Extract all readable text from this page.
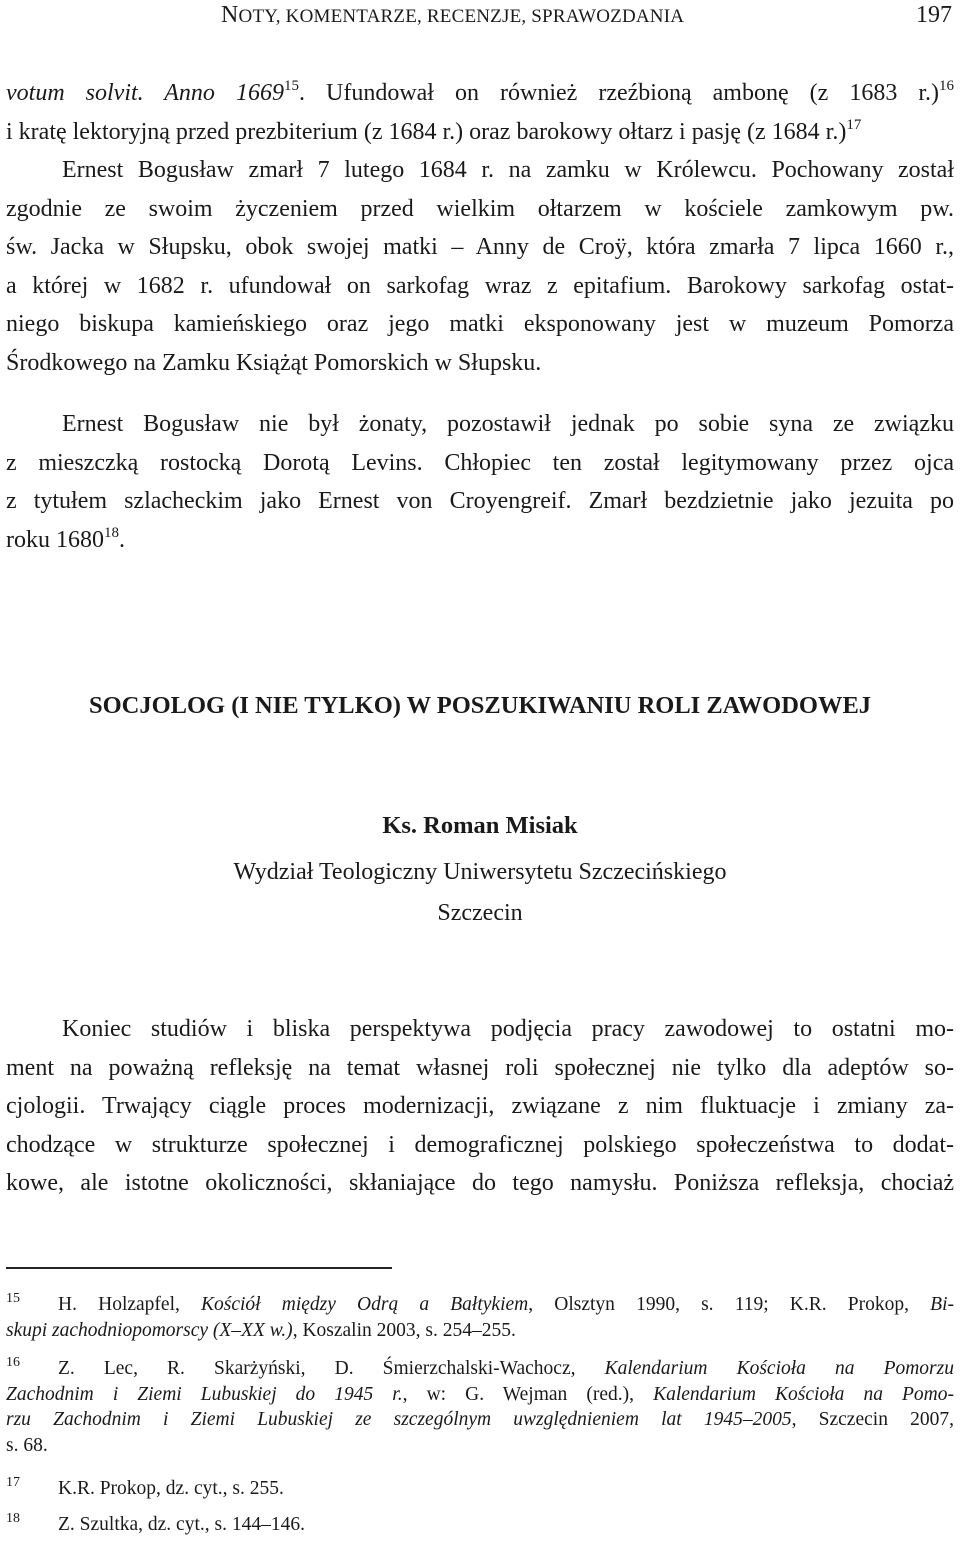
NOTY, KOMENTARZE, RECENZJE, SPRAWOZDANIA	197
votum solvit. Anno 1669$^{15}$. Ufundował on również rzeźbioną ambonę (z 1683 r.)$^{16}$
i kratę lektoryjną przed prezbiterium (z 1684 r.) oraz barokowy ołtarz i pasję (z 1684 r.)$^{17}$
Ernest Bogusław zmarł 7 lutego 1684 r. na zamku w Królewcu. Pochowany został
zgodnie ze swoim życzeniem przed wielkim ołtarzem w kościele zamkowym pw.
św. Jacka w Słupsku, obok swojej matki – Anny de Croÿ, która zmarła 7 lipca 1660 r.,
a której w 1682 r. ufundował on sarkofag wraz z epitafium. Barokowy sarkofag ostat-
niego biskupa kamieńskiego oraz jego matki eksponowany jest w muzeum Pomorza
Środkowego na Zamku Książąt Pomorskich w Słupsku.
Ernest Bogusław nie był żonaty, pozostawił jednak po sobie syna ze związku
z mieszczką rostocką Dorotą Levins. Chłopiec ten został legitymowany przez ojca
z tytułem szlacheckim jako Ernest von Croyengreif. Zmarł bezdzietnie jako jezuita po
roku 1680$^{18}$.
SOCJOLOG (I NIE TYLKO) W POSZUKIWANIU ROLI ZAWODOWEJ
Ks. Roman Misiak
Wydział Teologiczny Uniwersytetu Szczecińskiego
Szczecin
Koniec studiów i bliska perspektywa podjęcia pracy zawodowej to ostatni mo-
ment na poważną refleksję na temat własnej roli społecznej nie tylko dla adeptów so-
cjologii. Trwający ciągle proces modernizacji, związane z nim fluktuacje i zmiany za-
chodzące w strukturze społecznej i demograficznej polskiego społeczeństwa to dodat-
kowe, ale istotne okoliczności, skłaniające do tego namysłu. Poniższa refleksja, chociaż
15 H. Holzapfel, Kościół między Odrą a Bałtykiem, Olsztyn 1990, s. 119; K.R. Prokop, Bi-
skupi zachodniopomorscy (X–XX w.), Koszalin 2003, s. 254–255.
16 Z. Lec, R. Skarżyński, D. Śmierzchalski-Wachocz, Kalendarium Kościoła na Pomorzu
Zachodnim i Ziemi Lubuskiej do 1945 r., w: G. Wejman (red.), Kalendarium Kościoła na Pomo-
rzu Zachodnim i Ziemi Lubuskiej ze szczególnym uwzględnieniem lat 1945–2005, Szczecin 2007,
s. 68.
17 K.R. Prokop, dz. cyt., s. 255.
18 Z. Szultka, dz. cyt., s. 144–146.
